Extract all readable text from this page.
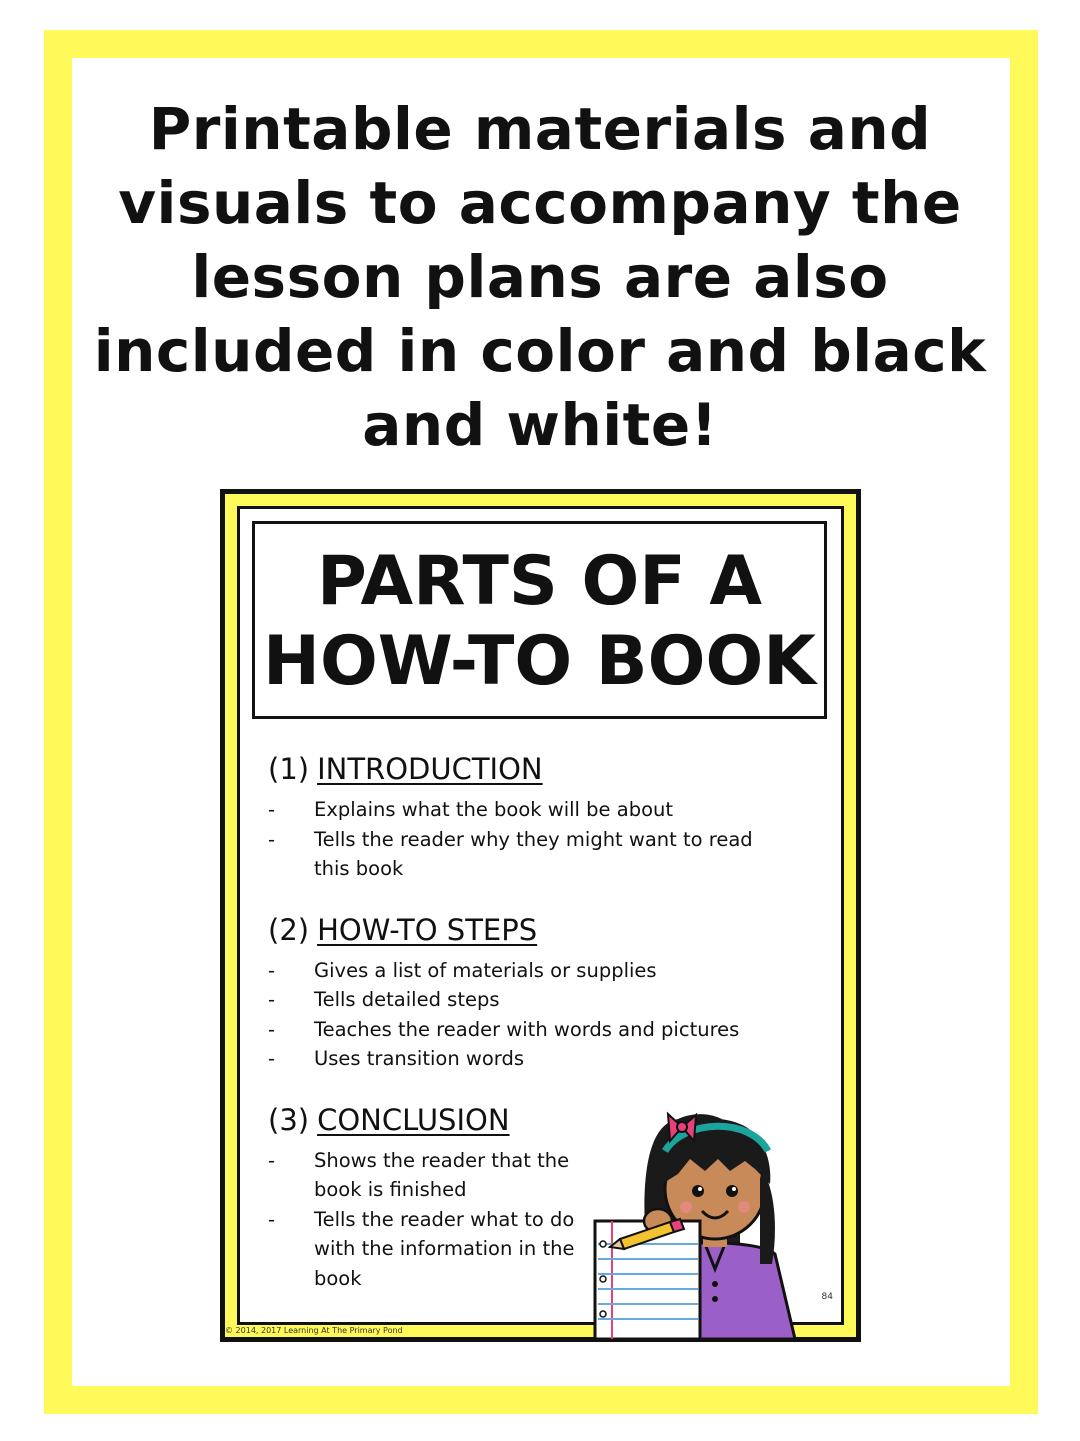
Printable materials and
visuals to accompany the
lesson plans are also
included in color and black
and white!
PARTS OF A
HOW-TO BOOK
(1) INTRODUCTION
- Explains what the book will be about
- Tells the reader why they might want to read this book
(2) HOW-TO STEPS
- Gives a list of materials or supplies
- Tells detailed steps
- Teaches the reader with words and pictures
- Uses transition words
(3) CONCLUSION
- Shows the reader that the book is finished
- Tells the reader what to do with the information in the book
84
© 2014, 2017 Learning At The Primary Pond
